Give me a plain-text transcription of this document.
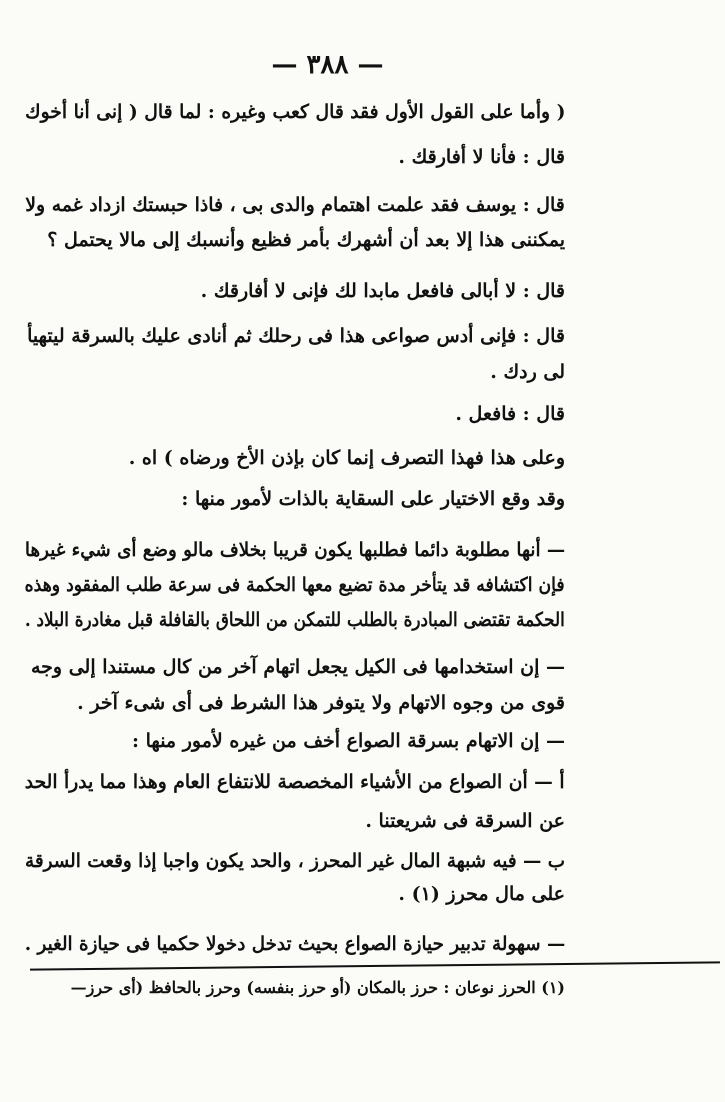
— ٣٨٨ —
( وأما على القول الأول فقد قال كعب وغيره : لما قال ( إنى أنا أخوك
قال : فأنا لا أفارقك .
قال : يوسف فقد علمت اهتمام والدى بى ، فاذا حبستك ازداد غمه ولا
يمكننى هذا إلا بعد أن أشهرك بأمر فظيع وأنسبك إلى مالا يحتمل ؟
قال : لا أبالى فافعل مابدا لك فإنى لا أفارقك .
قال : فإنى أدس صواعى هذا فى رحلك ثم أنادى عليك بالسرقة ليتهيأ
لى ردك .
قال : فافعل .
وعلى هذا فهذا التصرف إنما كان بإذن الأخ ورضاه ) اه .
وقد وقع الاختيار على السقاية بالذات لأمور منها :
— أنها مطلوبة دائما فطلبها يكون قريبا بخلاف مالو وضع أى شيء غيرها
فإن اكتشافه قد يتأخر مدة تضيع معها الحكمة فى سرعة طلب المفقود وهذه
الحكمة تقتضى المبادرة بالطلب للتمكن من اللحاق بالقافلة قبل مغادرة البلاد .
— إن استخدامها فى الكيل يجعل اتهام آخر من كال مستندا إلى وجه
قوى من وجوه الاتهام ولا يتوفر هذا الشرط فى أى شىء آخر .
— إن الاتهام بسرقة الصواع أخف من غيره لأمور منها :
أ — أن الصواع من الأشياء المخصصة للانتفاع العام وهذا مما يدرأ الحد
عن السرقة فى شريعتنا .
ب — فيه شبهة المال غير المحرز ، والحد يكون واجبا إذا وقعت السرقة
على مال محرز (١) .
— سهولة تدبير حيازة الصواع بحيث تدخل دخولا حكميا فى حيازة الغير .
(١) الحرز نوعان : حرز بالمكان (أو حرز بنفسه) وحرز بالحافظ (أى حرز—
